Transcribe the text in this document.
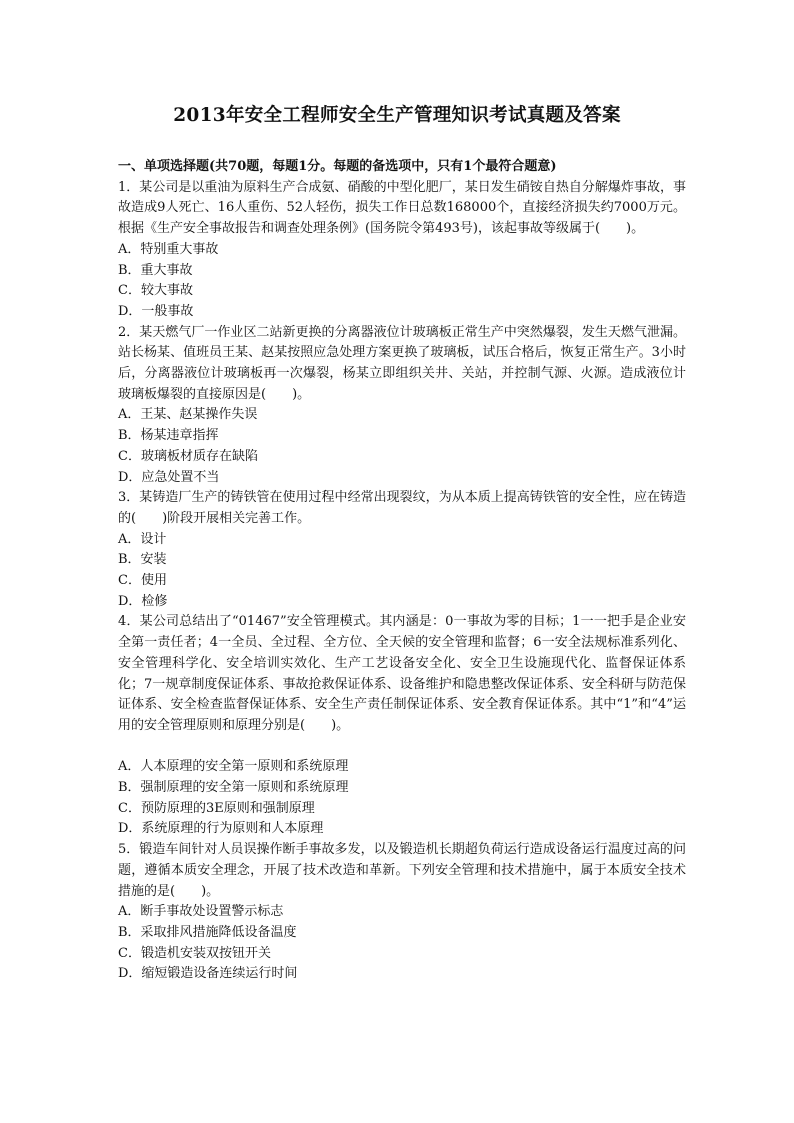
2013年安全工程师安全生产管理知识考试真题及答案
一、单项选择题(共70题，每题1分。每题的备选项中，只有1个最符合题意)
1．某公司是以重油为原料生产合成氨、硝酸的中型化肥厂，某日发生硝铵自热自分解爆炸事故，事故造成9人死亡、16人重伤、52人轻伤，损失工作日总数168000个，直接经济损失约7000万元。根据《生产安全事故报告和调查处理条例》(国务院令第493号)，该起事故等级属于(　　)。
A．特别重大事故
B．重大事故
C．较大事故
D．一般事故
2．某天燃气厂一作业区二站新更换的分离器液位计玻璃板正常生产中突然爆裂，发生天燃气泄漏。站长杨某、值班员王某、赵某按照应急处理方案更换了玻璃板，试压合格后，恢复正常生产。3小时后，分离器液位计玻璃板再一次爆裂，杨某立即组织关井、关站，并控制气源、火源。造成液位计玻璃板爆裂的直接原因是(　　)。
A．王某、赵某操作失误
B．杨某违章指挥
C．玻璃板材质存在缺陷
D．应急处置不当
3．某铸造厂生产的铸铁管在使用过程中经常出现裂纹，为从本质上提高铸铁管的安全性，应在铸造的(　　)阶段开展相关完善工作。
A．设计
B．安装
C．使用
D．检修
4．某公司总结出了“01467”安全管理模式。其内涵是：0一事故为零的目标；1一一把手是企业安全第一责任者；4一全员、全过程、全方位、全天候的安全管理和监督；6一安全法规标准系列化、安全管理科学化、安全培训实效化、生产工艺设备安全化、安全卫生设施现代化、监督保证体系化；7一规章制度保证体系、事故抢救保证体系、设备维护和隐患整改保证体系、安全科研与防范保证体系、安全检查监督保证体系、安全生产责任制保证体系、安全教育保证体系。其中“1”和“4”运用的安全管理原则和原理分别是(　　)。
A．人本原理的安全第一原则和系统原理
B．强制原理的安全第一原则和系统原理
C．预防原理的3E原则和强制原理
D．系统原理的行为原则和人本原理
5．锻造车间针对人员误操作断手事故多发，以及锻造机长期超负荷运行造成设备运行温度过高的问题，遵循本质安全理念，开展了技术改造和革新。下列安全管理和技术措施中，属于本质安全技术措施的是(　　)。
A．断手事故处设置警示标志
B．采取排风措施降低设备温度
C．锻造机安装双按钮开关
D．缩短锻造设备连续运行时间
